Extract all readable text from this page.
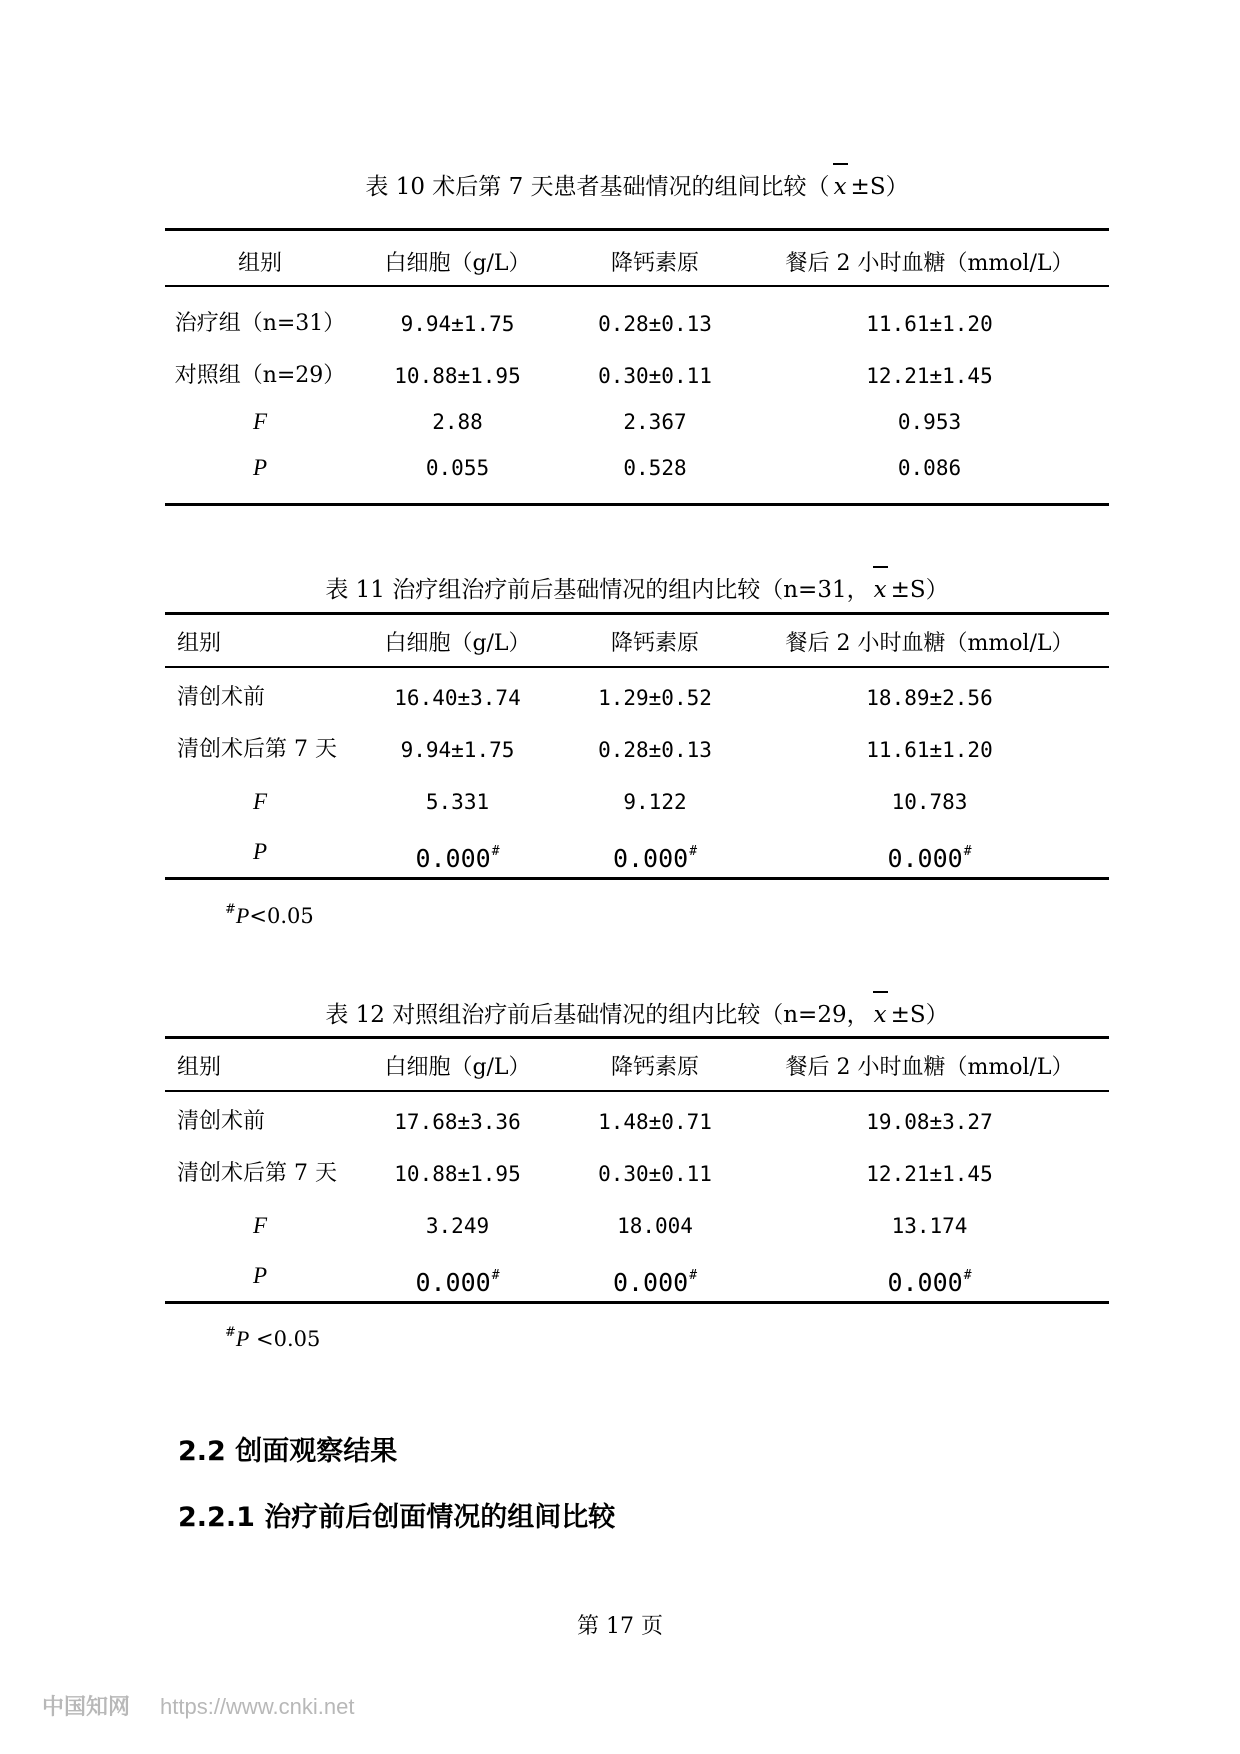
表 10 术后第 7 天患者基础情况的组间比较（ x ±S）
组别	白细胞（g/L）	降钙素原	餐后 2 小时血糖（mmol/L）
治疗组（n=31）	9.94±1.75	0.28±0.13	11.61±1.20
对照组（n=29）	10.88±1.95	0.30±0.11	12.21±1.45
F	2.88	2.367	0.953
P	0.055	0.528	0.086
表 11 治疗组治疗前后基础情况的组内比较（n=31， x ±S）
组别	白细胞（g/L）	降钙素原	餐后 2 小时血糖（mmol/L）
清创术前	16.40±3.74	1.29±0.52	18.89±2.56
清创术后第 7 天	9.94±1.75	0.28±0.13	11.61±1.20
F	5.331	9.122	10.783
P	0.000#	0.000#	0.000#
#P<0.05
表 12 对照组治疗前后基础情况的组内比较（n=29， x ±S）
组别	白细胞（g/L）	降钙素原	餐后 2 小时血糖（mmol/L）
清创术前	17.68±3.36	1.48±0.71	19.08±3.27
清创术后第 7 天	10.88±1.95	0.30±0.11	12.21±1.45
F	3.249	18.004	13.174
P	0.000#	0.000#	0.000#
#P <0.05
2.2 创面观察结果
2.2.1 治疗前后创面情况的组间比较
第 17 页
中国知网 https://www.cnki.net
